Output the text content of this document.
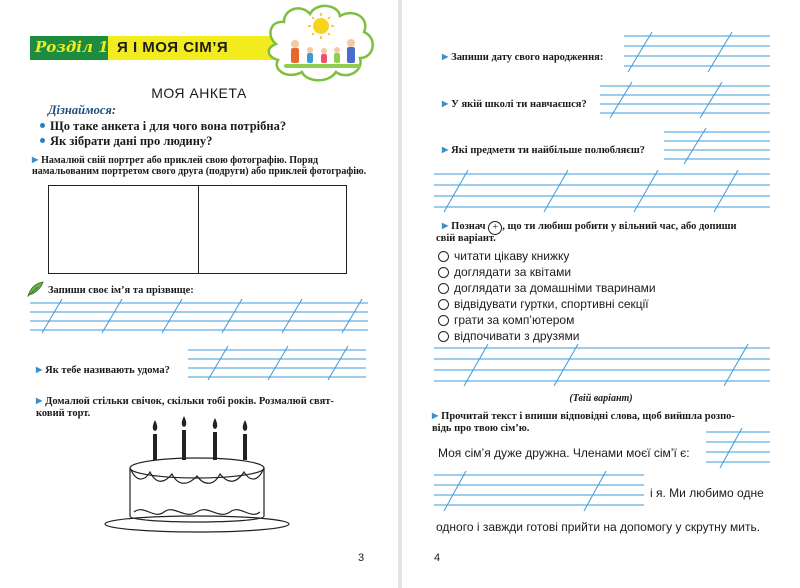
Розділ 1. Я І МОЯ СІМ’Я
МОЯ АНКЕТА
Дізнаймося:
Що таке анкета і для чого вона потрібна?
Як зібрати дані про людину?
▶ Намалюй свій портрет або приклей свою фотографію. Поряд
намальованим портретом свого друга (подруги) або приклей фотографію.
Запиши своє ім’я та прізвище:
▶ Як тебе називають удома?
▶ Домалюй стільки свічок, скільки тобі років. Розмалюй свят-
ковий торт.
3
▶ Запиши дату свого народження:
▶ У якій школі ти навчаєшся?
▶ Які предмети ти найбільше полюбляєш?
▶ Познач + , що ти любиш робити у вільний час, або допиши
свій варіант.
читати цікаву книжку
доглядати за квітами
доглядати за домашніми тваринами
відвідувати гуртки, спортивні секції
грати за комп’ютером
відпочивати з друзями
(Твій варіант)
▶ Прочитай текст і впиши відповідні слова, щоб вийшла розпо-
відь про твою сім’ю.
Моя сім’я дуже дружна. Членами моєї сім’ї є:
і я. Ми любимо одне
одного і завжди готові прийти на допомогу у скрутну мить.
4
